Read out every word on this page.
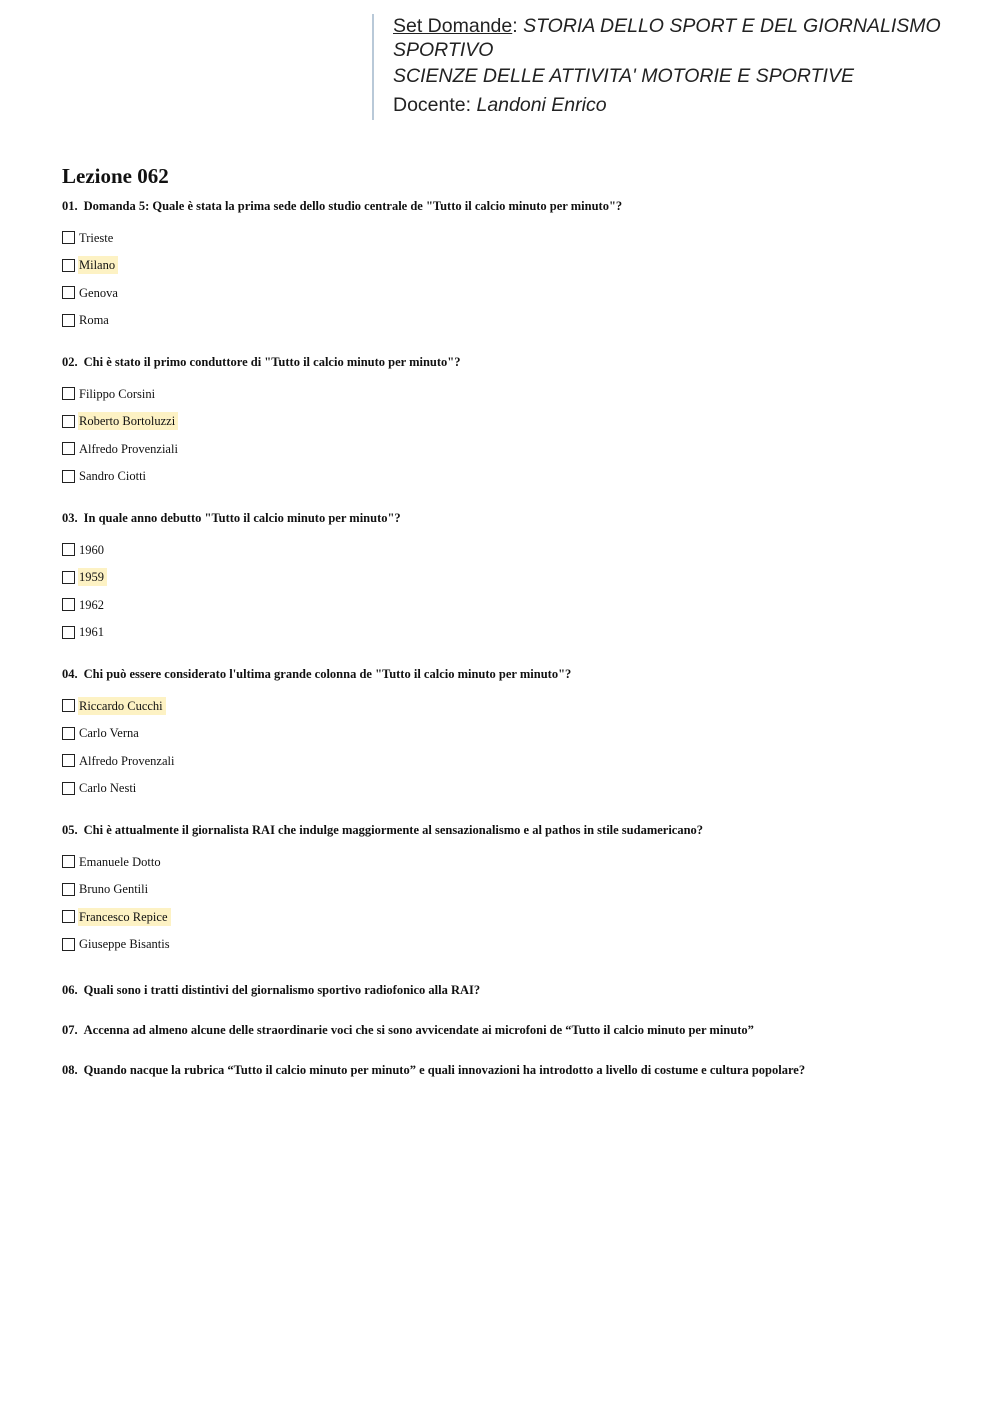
Set Domande: STORIA DELLO SPORT E DEL GIORNALISMO
SPORTIVO
SCIENZE DELLE ATTIVITA' MOTORIE E SPORTIVE
Docente: Landoni Enrico
Lezione 062
01. Domanda 5: Quale è stata la prima sede dello studio centrale de "Tutto il calcio minuto per minuto"?
Trieste
Milano
Genova
Roma
02. Chi è stato il primo conduttore di "Tutto il calcio minuto per minuto"?
Filippo Corsini
Roberto Bortoluzzi
Alfredo Provenziali
Sandro Ciotti
03. In quale anno debutto "Tutto il calcio minuto per minuto"?
1960
1959
1962
1961
04. Chi può essere considerato l'ultima grande colonna de "Tutto il calcio minuto per minuto"?
Riccardo Cucchi
Carlo Verna
Alfredo Provenzali
Carlo Nesti
05. Chi è attualmente il giornalista RAI che indulge maggiormente al sensazionalismo e al pathos in stile sudamericano?
Emanuele Dotto
Bruno Gentili
Francesco Repice
Giuseppe Bisantis
06. Quali sono i tratti distintivi del giornalismo sportivo radiofonico alla RAI?
07. Accenna ad almeno alcune delle straordinarie voci che si sono avvicendate ai microfoni de “Tutto il calcio minuto per minuto”
08. Quando nacque la rubrica “Tutto il calcio minuto per minuto” e quali innovazioni ha introdotto a livello di costume e cultura popolare?
